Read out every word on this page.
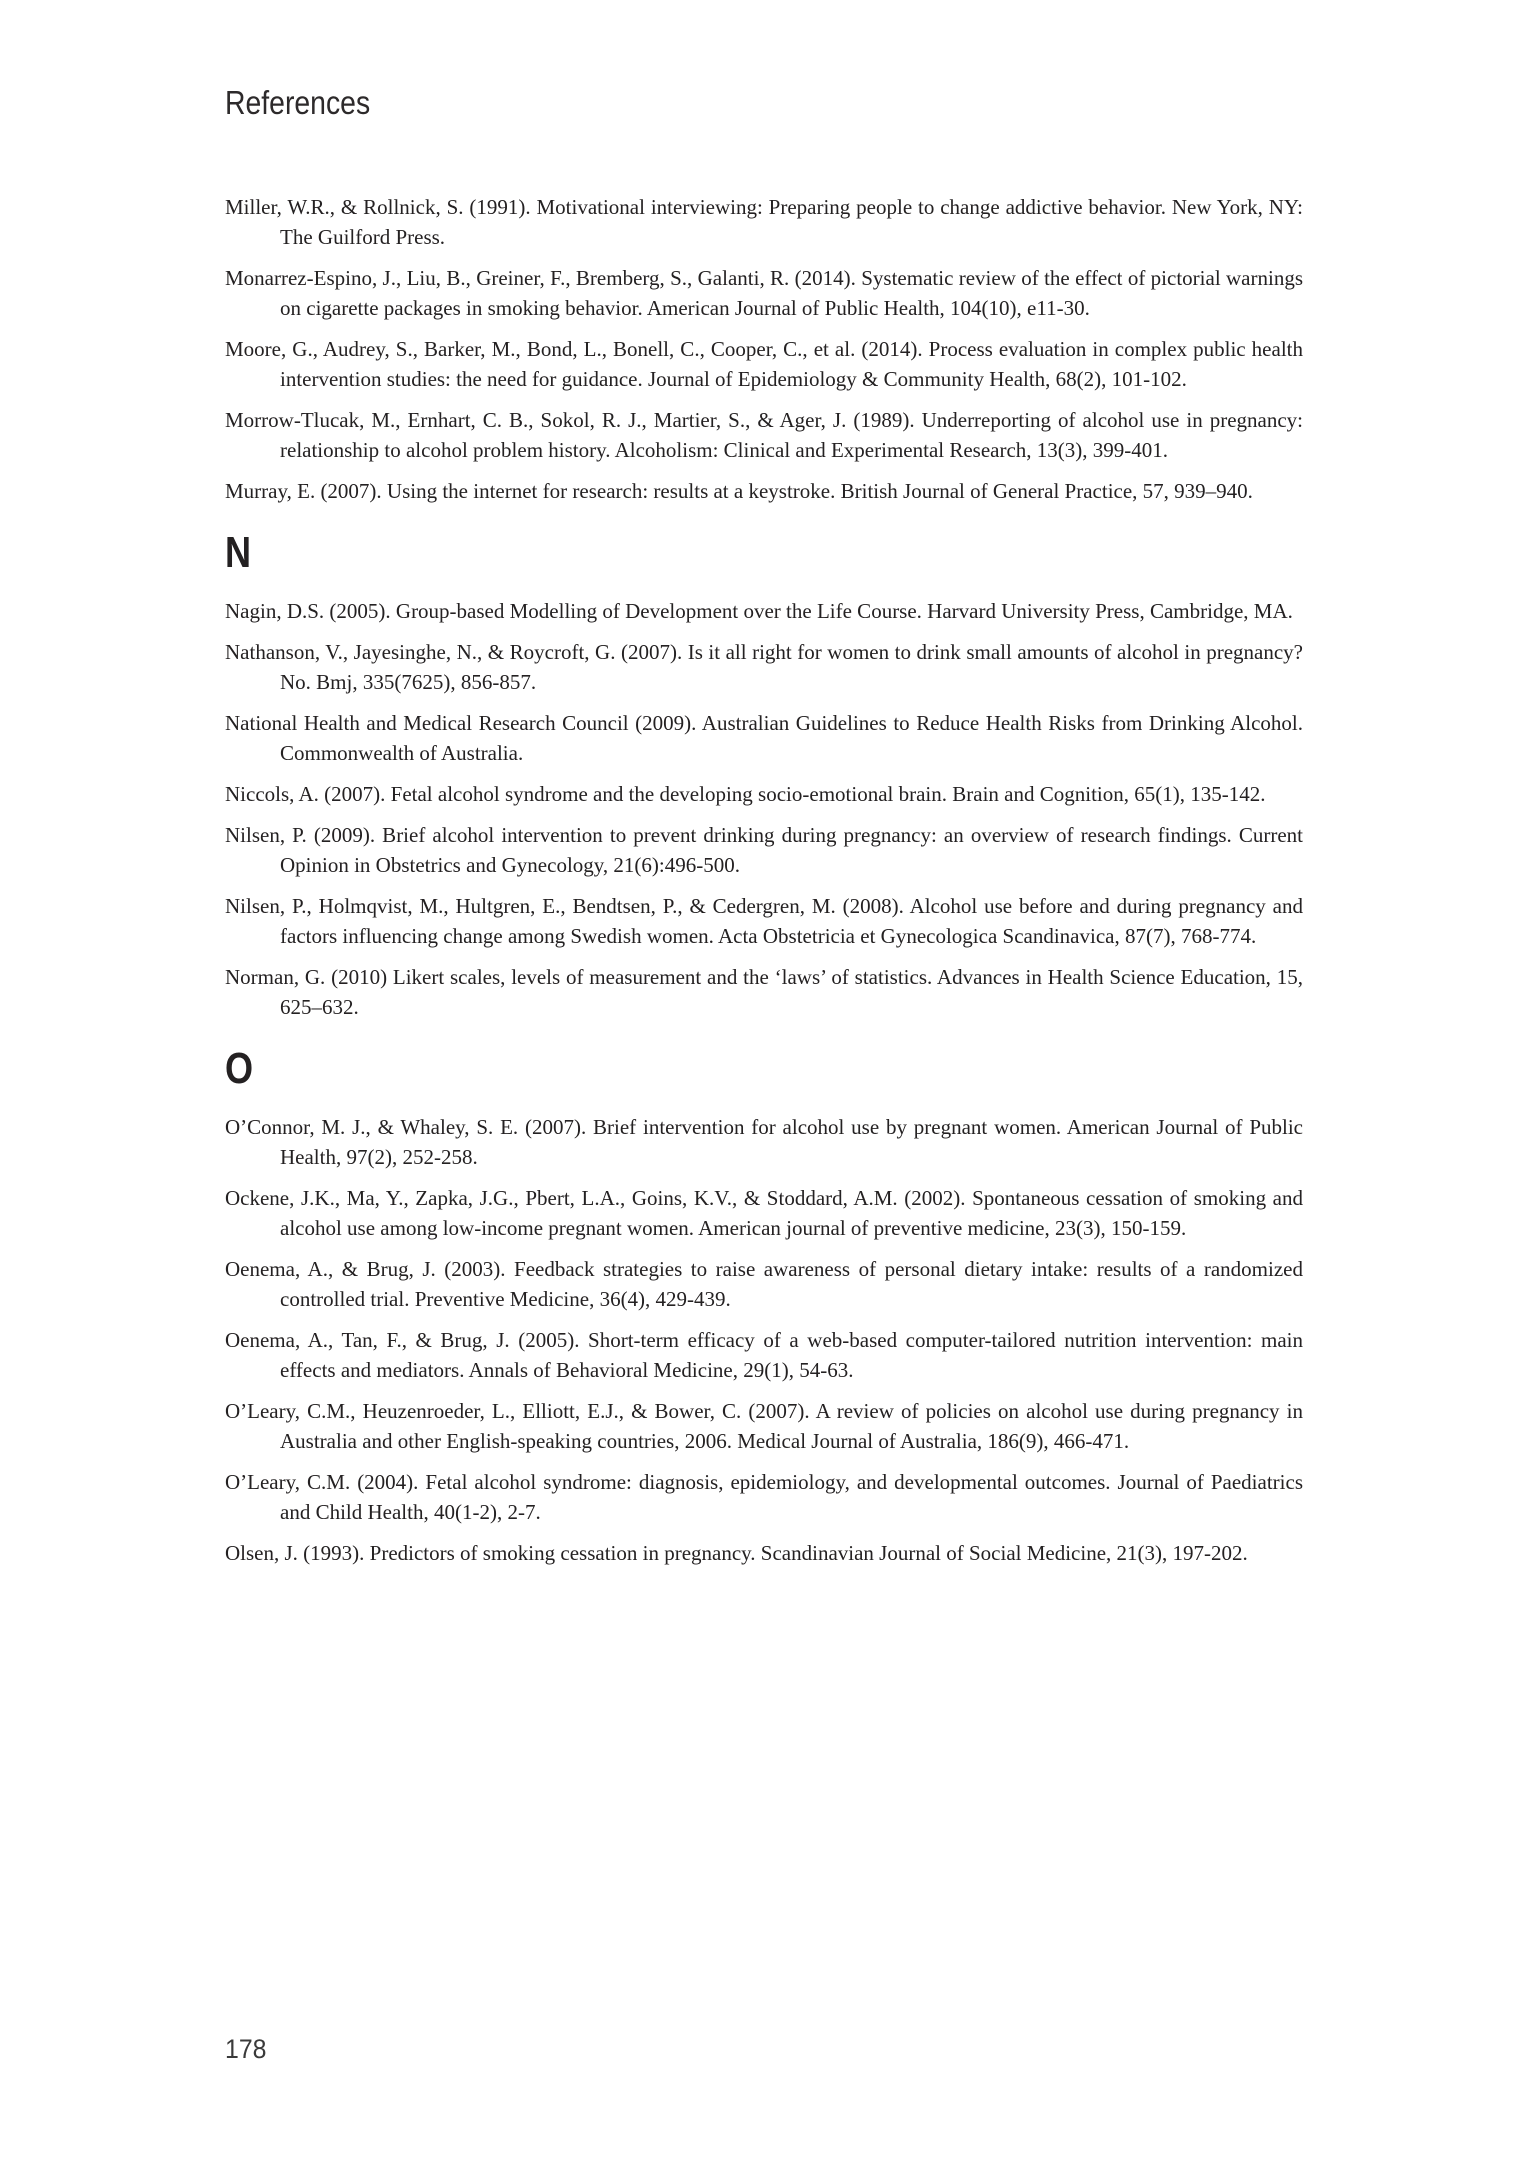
References

Miller, W.R., & Rollnick, S. (1991). Motivational interviewing: Preparing people to change addictive behavior. New York, NY: The Guilford Press.

Monarrez-Espino, J., Liu, B., Greiner, F., Bremberg, S., Galanti, R. (2014). Systematic review of the effect of pictorial warnings on cigarette packages in smoking behavior. American Journal of Public Health, 104(10), e11-30.

Moore, G., Audrey, S., Barker, M., Bond, L., Bonell, C., Cooper, C., et al. (2014). Process evaluation in complex public health intervention studies: the need for guidance. Journal of Epidemiology & Community Health, 68(2), 101-102.

Morrow-Tlucak, M., Ernhart, C. B., Sokol, R. J., Martier, S., & Ager, J. (1989). Underreporting of alcohol use in pregnancy: relationship to alcohol problem history. Alcoholism: Clinical and Experimental Research, 13(3), 399-401.

Murray, E. (2007). Using the internet for research: results at a keystroke. British Journal of General Practice, 57, 939–940.

N

Nagin, D.S. (2005). Group-based Modelling of Development over the Life Course. Harvard University Press, Cambridge, MA.

Nathanson, V., Jayesinghe, N., & Roycroft, G. (2007). Is it all right for women to drink small amounts of alcohol in pregnancy? No. Bmj, 335(7625), 856-857.

National Health and Medical Research Council (2009). Australian Guidelines to Reduce Health Risks from Drinking Alcohol. Commonwealth of Australia.

Niccols, A. (2007). Fetal alcohol syndrome and the developing socio-emotional brain. Brain and Cognition, 65(1), 135-142.

Nilsen, P. (2009). Brief alcohol intervention to prevent drinking during pregnancy: an overview of research findings. Current Opinion in Obstetrics and Gynecology, 21(6):496-500.

Nilsen, P., Holmqvist, M., Hultgren, E., Bendtsen, P., & Cedergren, M. (2008). Alcohol use before and during pregnancy and factors influencing change among Swedish women. Acta Obstetricia et Gynecologica Scandinavica, 87(7), 768-774.

Norman, G. (2010) Likert scales, levels of measurement and the ‘laws’ of statistics. Advances in Health Science Education, 15, 625–632.

O

O’Connor, M. J., & Whaley, S. E. (2007). Brief intervention for alcohol use by pregnant women. American Journal of Public Health, 97(2), 252-258.

Ockene, J.K., Ma, Y., Zapka, J.G., Pbert, L.A., Goins, K.V., & Stoddard, A.M. (2002). Spontaneous cessation of smoking and alcohol use among low-income pregnant women. American journal of preventive medicine, 23(3), 150-159.

Oenema, A., & Brug, J. (2003). Feedback strategies to raise awareness of personal dietary intake: results of a randomized controlled trial. Preventive Medicine, 36(4), 429-439.

Oenema, A., Tan, F., & Brug, J. (2005). Short-term efficacy of a web-based computer-tailored nutrition intervention: main effects and mediators. Annals of Behavioral Medicine, 29(1), 54-63.

O’Leary, C.M., Heuzenroeder, L., Elliott, E.J., & Bower, C. (2007). A review of policies on alcohol use during pregnancy in Australia and other English-speaking countries, 2006. Medical Journal of Australia, 186(9), 466-471.

O’Leary, C.M. (2004). Fetal alcohol syndrome: diagnosis, epidemiology, and developmental outcomes. Journal of Paediatrics and Child Health, 40(1-2), 2-7.

Olsen, J. (1993). Predictors of smoking cessation in pregnancy. Scandinavian Journal of Social Medicine, 21(3), 197-202.

178
